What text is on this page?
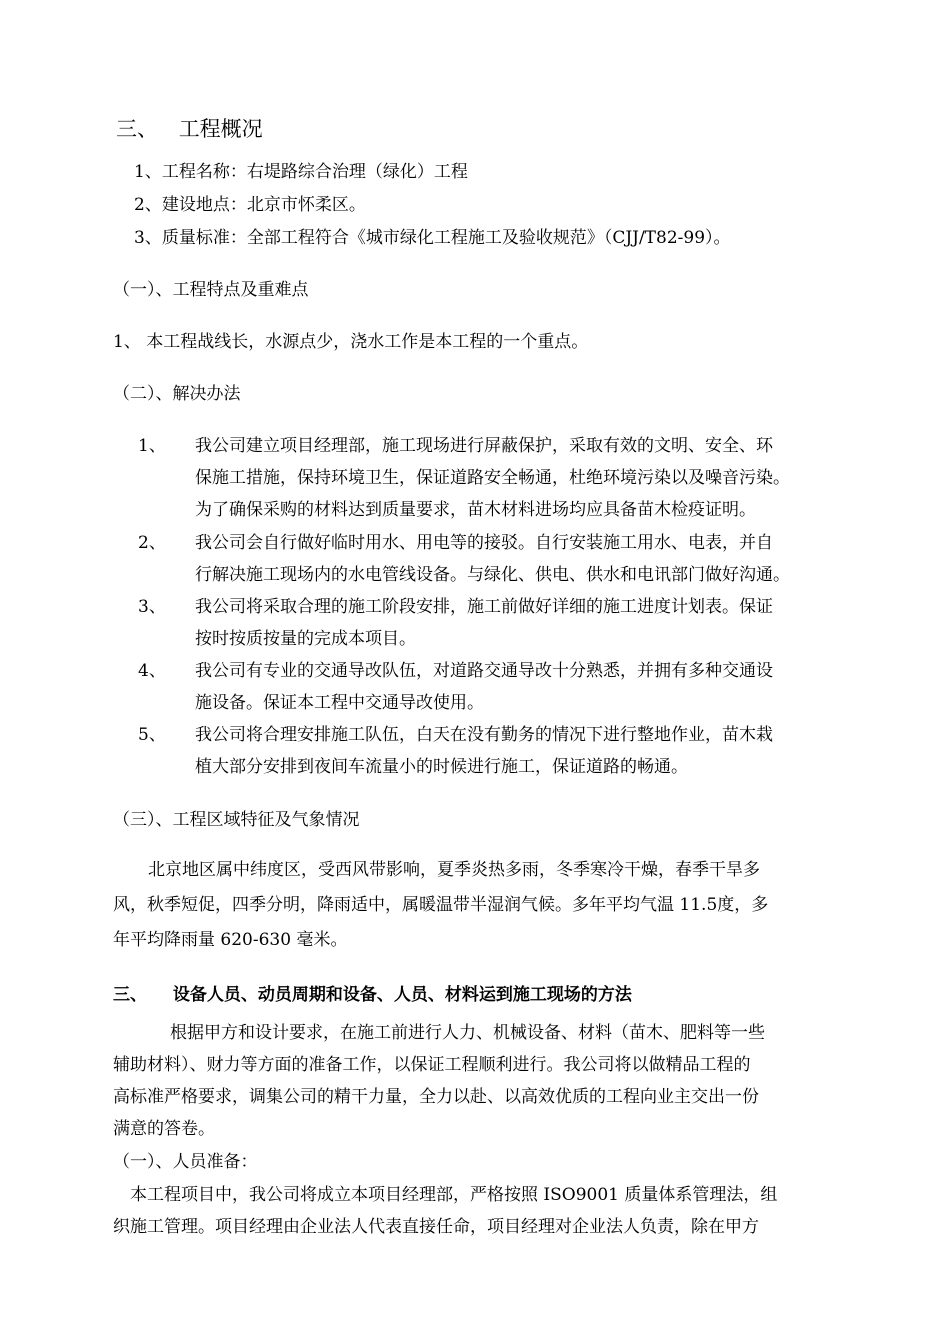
三、 工程概况
1、工程名称：右堤路综合治理（绿化）工程
2、建设地点：北京市怀柔区。
3、质量标准：全部工程符合《城市绿化工程施工及验收规范》（CJJ/T82-99）。
（一）、工程特点及重难点
1、 本工程战线长，水源点少，浇水工作是本工程的一个重点。
（二）、解决办法
1、 我公司建立项目经理部，施工现场进行屏蔽保护，采取有效的文明、安全、环
保施工措施，保持环境卫生，保证道路安全畅通，杜绝环境污染以及噪音污染。
为了确保采购的材料达到质量要求，苗木材料进场均应具备苗木检疫证明。
2、 我公司会自行做好临时用水、用电等的接驳。自行安装施工用水、电表，并自
行解决施工现场内的水电管线设备。与绿化、供电、供水和电讯部门做好沟通。
3、 我公司将采取合理的施工阶段安排，施工前做好详细的施工进度计划表。保证
按时按质按量的完成本项目。
4、 我公司有专业的交通导改队伍，对道路交通导改十分熟悉，并拥有多种交通设
施设备。保证本工程中交通导改使用。
5、 我公司将合理安排施工队伍，白天在没有勤务的情况下进行整地作业，苗木栽
植大部分安排到夜间车流量小的时候进行施工，保证道路的畅通。
（三）、工程区域特征及气象情况
北京地区属中纬度区，受西风带影响，夏季炎热多雨，冬季寒冷干燥，春季干旱多
风，秋季短促，四季分明，降雨适中，属暖温带半湿润气候。多年平均气温 11.5度，多
年平均降雨量 620-630 毫米。
三、 设备人员、动员周期和设备、人员、材料运到施工现场的方法
根据甲方和设计要求，在施工前进行人力、机械设备、材料（苗木、肥料等一些
辅助材料）、财力等方面的准备工作，以保证工程顺利进行。我公司将以做精品工程的
高标准严格要求，调集公司的精干力量，全力以赴、以高效优质的工程向业主交出一份
满意的答卷。
（一）、人员准备：
本工程项目中，我公司将成立本项目经理部，严格按照 ISO9001 质量体系管理法，组
织施工管理。项目经理由企业法人代表直接任命，项目经理对企业法人负责，除在甲方
